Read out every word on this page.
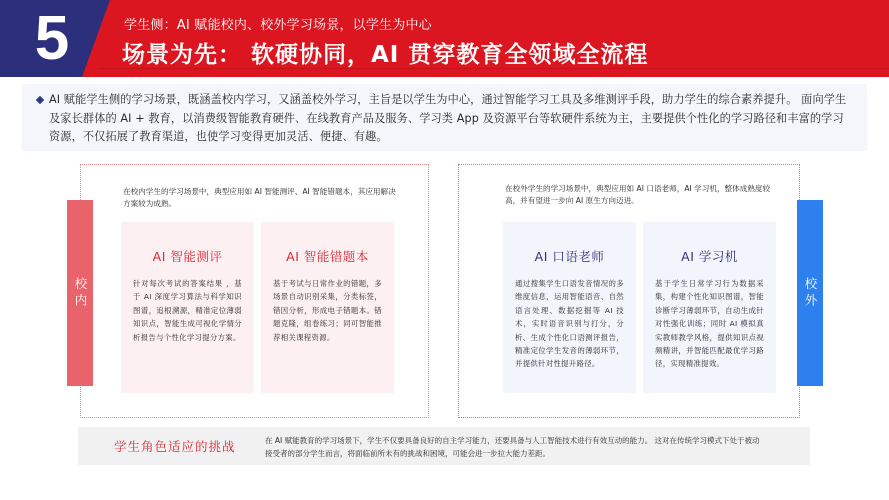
5	学生侧：AI 赋能校内、校外学习场景，以学生为中心
场景为先： 软硬协同，AI 贯穿教育全领域全流程

AI 赋能学生侧的学习场景，既涵盖校内学习，又涵盖校外学习，主旨是以学生为中心，通过智能学习工具及多维测评手段，助力学生的综合素养提升。 面向学生及家长群体的 AI + 教育，以消费级智能教育硬件、在线教育产品及服务、学习类 App 及资源平台等软硬件系统为主，主要提供个性化的学习路径和丰富的学习资源，不仅拓展了教育渠道，也使学习变得更加灵活、便捷、有趣。

校内
在校内学生的学习场景中，典型应用如 AI 智能测评、AI 智能错题本，其应用解决方案较为成熟。
AI 智能测评
针对每次考试的答案结果 ，基于 AI 深度学习算法与科学知识图谱，追根溯源，精准定位薄弱知识点，智能生成可视化学情分析报告与个性化学习提分方案。
AI 智能错题本
基于考试与日常作业的错题，多场景自动识别采集，分类标签，错因分析，形成电子错题本。错题克隆，组卷练习；同可智能推荐相关课程资源。
校外
在校外学生的学习场景中，典型应用如 AI 口语老师，AI 学习机，整体成熟度较高，并有望进一步向 AI 原生方向迈进。
AI 口语老师
通过搜集学生口语发音情况的多维度信息，运用智能语音、自然语言处理、数据挖掘等 AI 技术，实时语音识别与打分，分析、生成个性化口语测评报告，精准定位学生发音的薄弱环节，并提供针对性提升路径。
AI 学习机
基于学生日常学习行为数据采集，构建个性化知识图谱，智能诊断学习薄弱环节，自动生成针对性强化训练；同时 AI 模拟真实教师教学风格，提供知识点视频精讲，并智能匹配最优学习路径，实现精准提效。
学生角色适应的挑战	在 AI 赋能教育的学习场景下，学生不仅要具备良好的自主学习能力，还要具备与人工智能技术进行有效互动的能力。 这对在传统学习模式下处于被动接受者的部分学生而言，将面临前所未有的挑战和困境，可能会进一步拉大能力差距。
